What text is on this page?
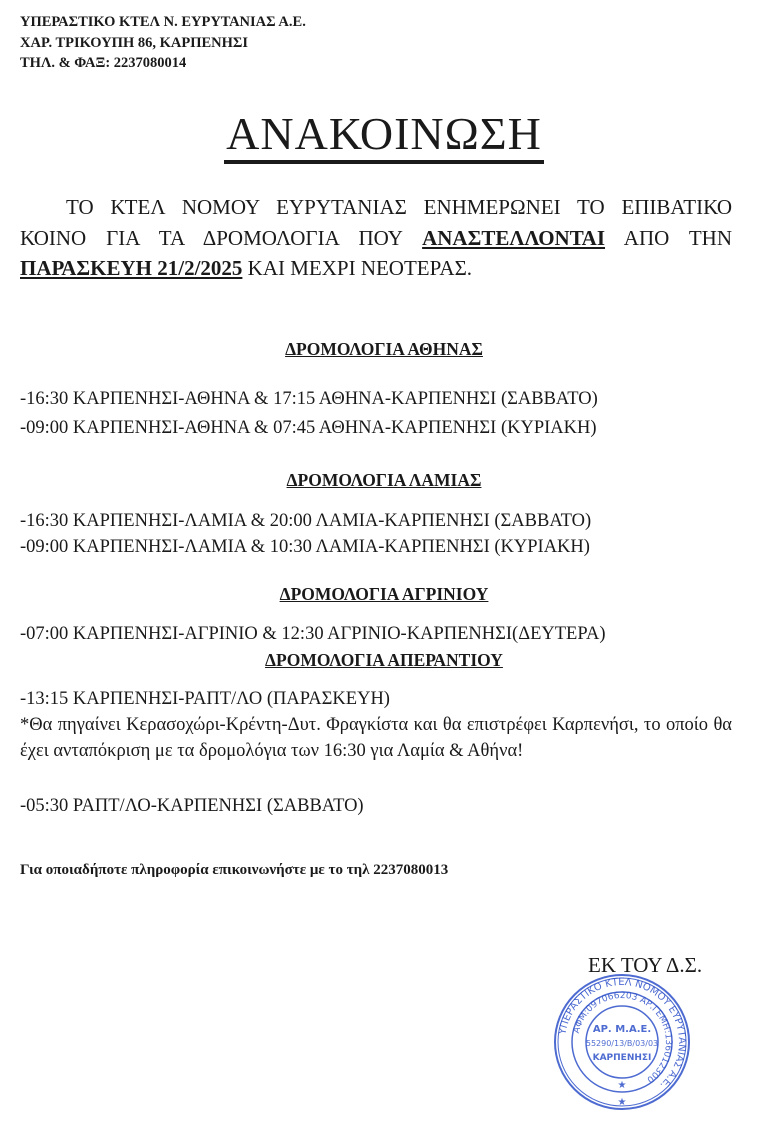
ΥΠΕΡΑΣΤΙΚΟ ΚΤΕΛ Ν. ΕΥΡΥΤΑΝΙΑΣ Α.Ε.
ΧΑΡ. ΤΡΙΚΟΥΠΗ 86, ΚΑΡΠΕΝΗΣΙ
ΤΗΛ. & ΦΑΞ: 2237080014
ΑΝΑΚΟΙΝΩΣΗ
ΤΟ ΚΤΕΛ ΝΟΜΟΥ ΕΥΡΥΤΑΝΙΑΣ ΕΝΗΜΕΡΩΝΕΙ ΤΟ ΕΠΙΒΑΤΙΚΟ ΚΟΙΝΟ ΓΙΑ ΤΑ ΔΡΟΜΟΛΟΓΙΑ ΠΟΥ ΑΝΑΣΤΕΛΛΟΝΤΑΙ ΑΠΟ ΤΗΝ ΠΑΡΑΣΚΕΥΗ 21/2/2025 ΚΑΙ ΜΕΧΡΙ ΝΕΟΤΕΡΑΣ.
ΔΡΟΜΟΛΟΓΙΑ ΑΘΗΝΑΣ
-16:30 ΚΑΡΠΕΝΗΣΙ-ΑΘΗΝΑ & 17:15 ΑΘΗΝΑ-ΚΑΡΠΕΝΗΣΙ (ΣΑΒΒΑΤΟ)
-09:00 ΚΑΡΠΕΝΗΣΙ-ΑΘΗΝΑ & 07:45 ΑΘΗΝΑ-ΚΑΡΠΕΝΗΣΙ (ΚΥΡΙΑΚΗ)
ΔΡΟΜΟΛΟΓΙΑ ΛΑΜΙΑΣ
-16:30 ΚΑΡΠΕΝΗΣΙ-ΛΑΜΙΑ & 20:00 ΛΑΜΙΑ-ΚΑΡΠΕΝΗΣΙ (ΣΑΒΒΑΤΟ)
-09:00 ΚΑΡΠΕΝΗΣΙ-ΛΑΜΙΑ & 10:30 ΛΑΜΙΑ-ΚΑΡΠΕΝΗΣΙ (ΚΥΡΙΑΚΗ)
ΔΡΟΜΟΛΟΓΙΑ ΑΓΡΙΝΙΟΥ
-07:00 ΚΑΡΠΕΝΗΣΙ-ΑΓΡΙΝΙΟ & 12:30 ΑΓΡΙΝΙΟ-ΚΑΡΠΕΝΗΣΙ(ΔΕΥΤΕΡΑ)
ΔΡΟΜΟΛΟΓΙΑ ΑΠΕΡΑΝΤΙΟΥ
-13:15 ΚΑΡΠΕΝΗΣΙ-ΡΑΠΤ/ΛΟ (ΠΑΡΑΣΚΕΥΗ)
*Θα πηγαίνει Κερασοχώρι-Κρέντη-Δυτ. Φραγκίστα και θα επιστρέφει Καρπενήσι, το οποίο θα έχει ανταπόκριση με τα δρομολόγια των 16:30 για Λαμία & Αθήνα!
-05:30 ΡΑΠΤ/ΛΟ-ΚΑΡΠΕΝΗΣΙ (ΣΑΒΒΑΤΟ)
Για οποιαδήποτε πληροφορία επικοινωνήστε με το τηλ 2237080013
ΕΚ ΤΟΥ Δ.Σ.
ΥΠΕΡΑΣΤΙΚΟ ΚΤΕΛ ΝΟΜΟΥ ΕΥΡΥΤΑΝΙΑΣ Α.Ε.
ΑΦΜ:097066203 ΑΡ.ΓΕΜΗ:136012300
ΑΡ. Μ.Α.Ε.
55290/13/Β/03/03
ΚΑΡΠΕΝΗΣΙ
★
★
